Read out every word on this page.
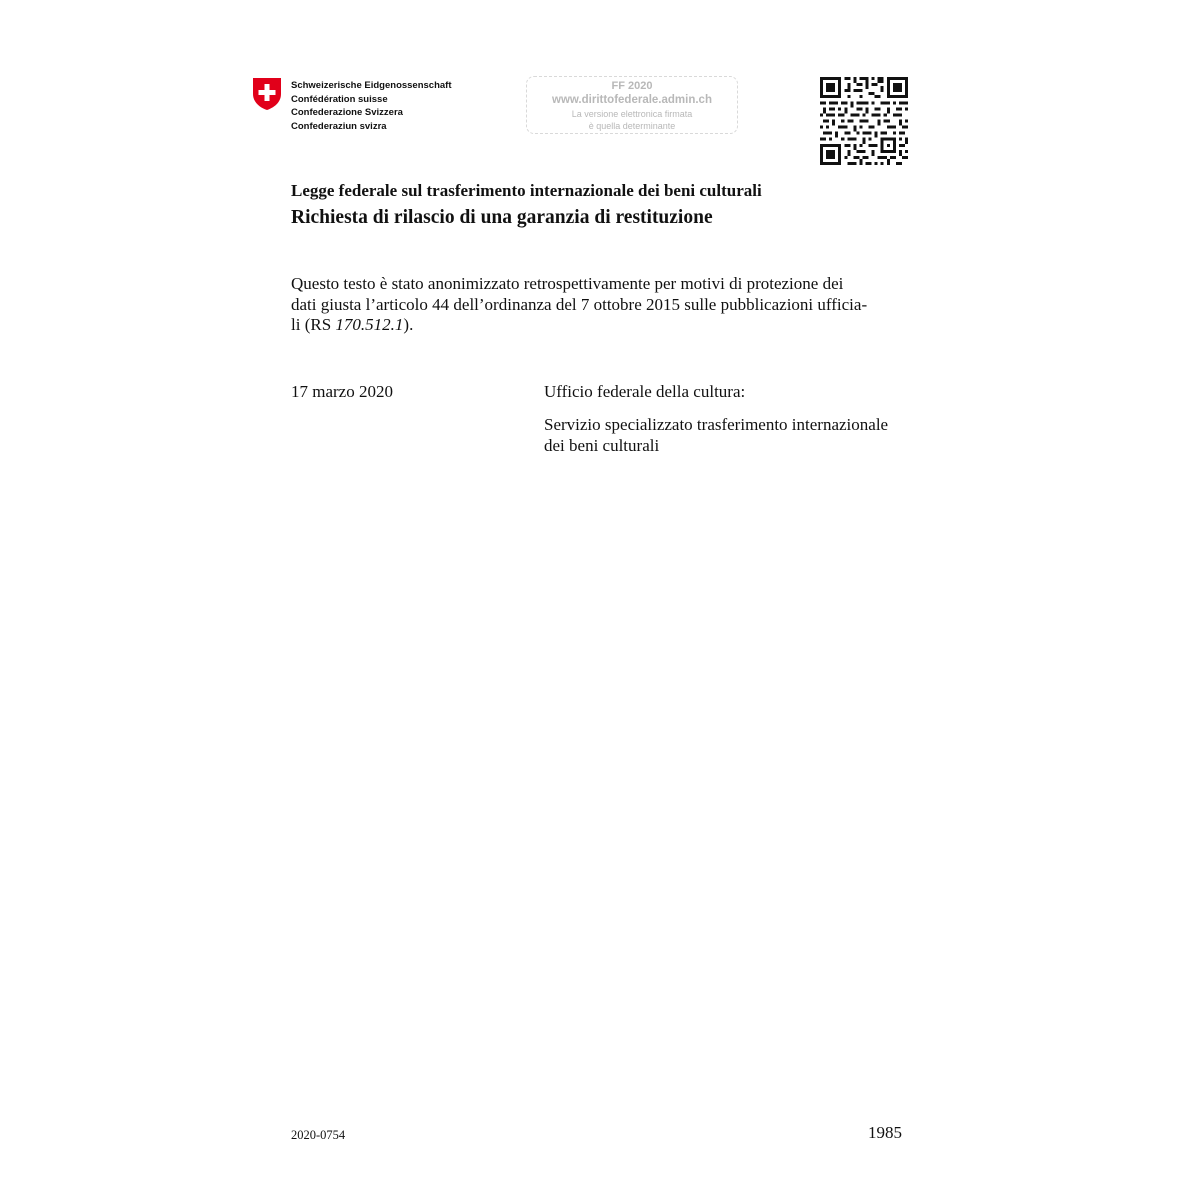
Schweizerische Eidgenossenschaft
Confédération suisse
Confederazione Svizzera
Confederaziun svizra
FF 2020
www.dirittofederale.admin.ch
La versione elettronica firmata
è quella determinante
Legge federale sul trasferimento internazionale dei beni culturali
Richiesta di rilascio di una garanzia di restituzione
Questo testo è stato anonimizzato retrospettivamente per motivi di protezione dei
dati giusta l’articolo 44 dell’ordinanza del 7 ottobre 2015 sulle pubblicazioni ufficia-
li (RS 170.512.1).
17 marzo 2020	Ufficio federale della cultura:
Servizio specializzato trasferimento internazionale
dei beni culturali
2020-0754	1985
